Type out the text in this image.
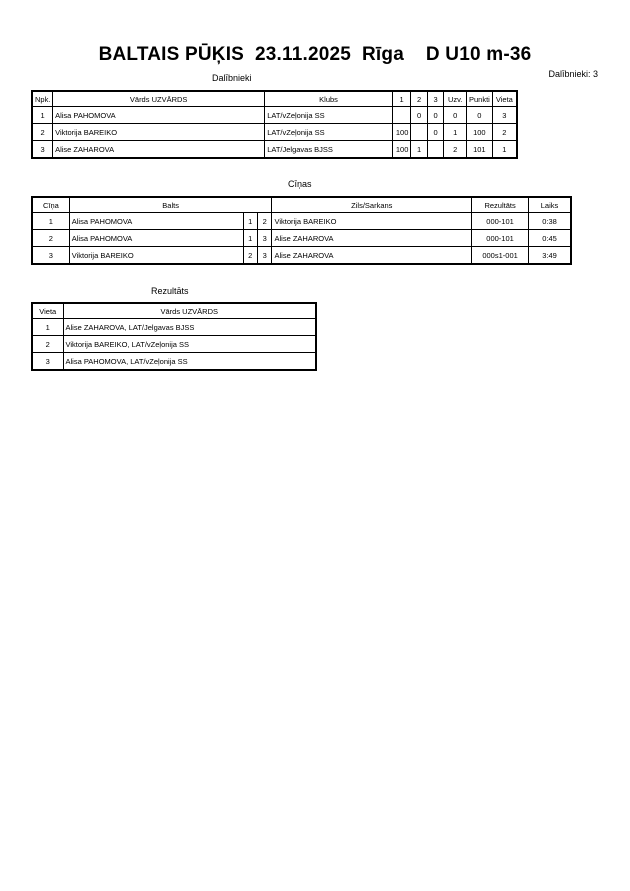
BALTAIS PŪĶIS  23.11.2025  Rīga    D U10 m-36
Dalībnieki: 3
Dalībnieki
Npk.	Vārds UZVĀRDS	Klubs	1	2	3	Uzv.	Punkti	Vieta
1	Alisa PAHOMOVA	LAT/vZeļonija SS		0	0	0	0	3
2	Viktorija BAREIKO	LAT/vZeļonija SS	100		0	1	100	2
3	Alise ZAHAROVA	LAT/Jelgavas BJSS	100	1		2	101	1
Cīņas
Cīņa	Balts			Zils/Sarkans	Rezultāts	Laiks
1	Alisa PAHOMOVA	1	2	Viktorija BAREIKO	000-101	0:38
2	Alisa PAHOMOVA	1	3	Alise ZAHAROVA	000-101	0:45
3	Viktorija BAREIKO	2	3	Alise ZAHAROVA	000s1-001	3:49
Rezultāts
Vieta	Vārds UZVĀRDS
1	Alise ZAHAROVA, LAT/Jelgavas BJSS
2	Viktorija BAREIKO, LAT/vZeļonija SS
3	Alisa PAHOMOVA, LAT/vZeļonija SS
